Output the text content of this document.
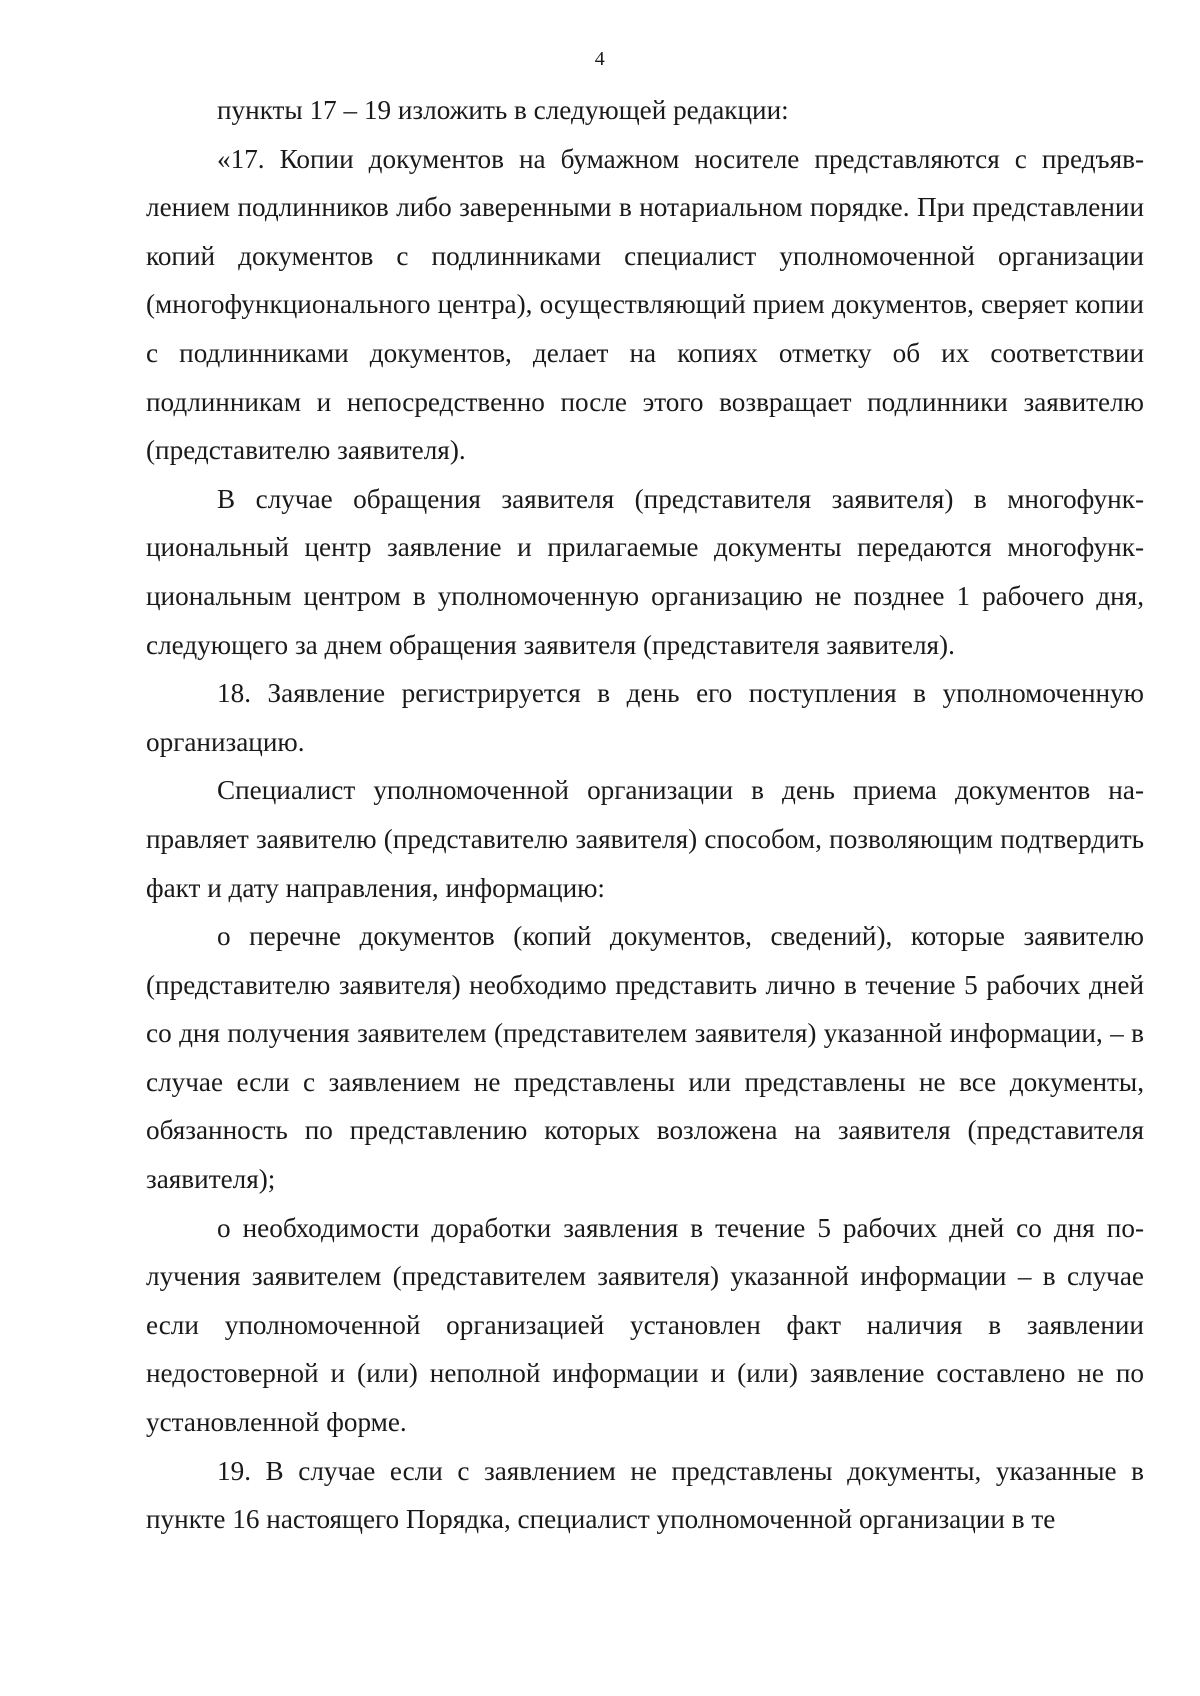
4

пункты 17 – 19 изложить в следующей редакции:

«17. Копии документов на бумажном носителе представляются с предъявлением подлинников либо заверенными в нотариальном порядке. При представлении копий документов с подлинниками специалист уполномоченной организации (многофункционального центра), осуществляющий прием документов, сверяет копии с подлинниками документов, делает на копиях отметку об их соответствии подлинникам и непосредственно после этого возвращает подлинники заявителю (представителю заявителя).

В случае обращения заявителя (представителя заявителя) в многофункциональный центр заявление и прилагаемые документы передаются многофункциональным центром в уполномоченную организацию не позднее 1 рабочего дня, следующего за днем обращения заявителя (представителя заявителя).

18. Заявление регистрируется в день его поступления в уполномоченную организацию.

Специалист уполномоченной организации в день приема документов направляет заявителю (представителю заявителя) способом, позволяющим подтвердить факт и дату направления, информацию:

о перечне документов (копий документов, сведений), которые заявителю (представителю заявителя) необходимо представить лично в течение 5 рабочих дней со дня получения заявителем (представителем заявителя) указанной информации, – в случае если с заявлением не представлены или представлены не все документы, обязанность по представлению которых возложена на заявителя (представителя заявителя);

о необходимости доработки заявления в течение 5 рабочих дней со дня получения заявителем (представителем заявителя) указанной информации – в случае если уполномоченной организацией установлен факт наличия в заявлении недостоверной и (или) неполной информации и (или) заявление составлено не по установленной форме.

19. В случае если с заявлением не представлены документы, указанные в пункте 16 настоящего Порядка, специалист уполномоченной организации в те
